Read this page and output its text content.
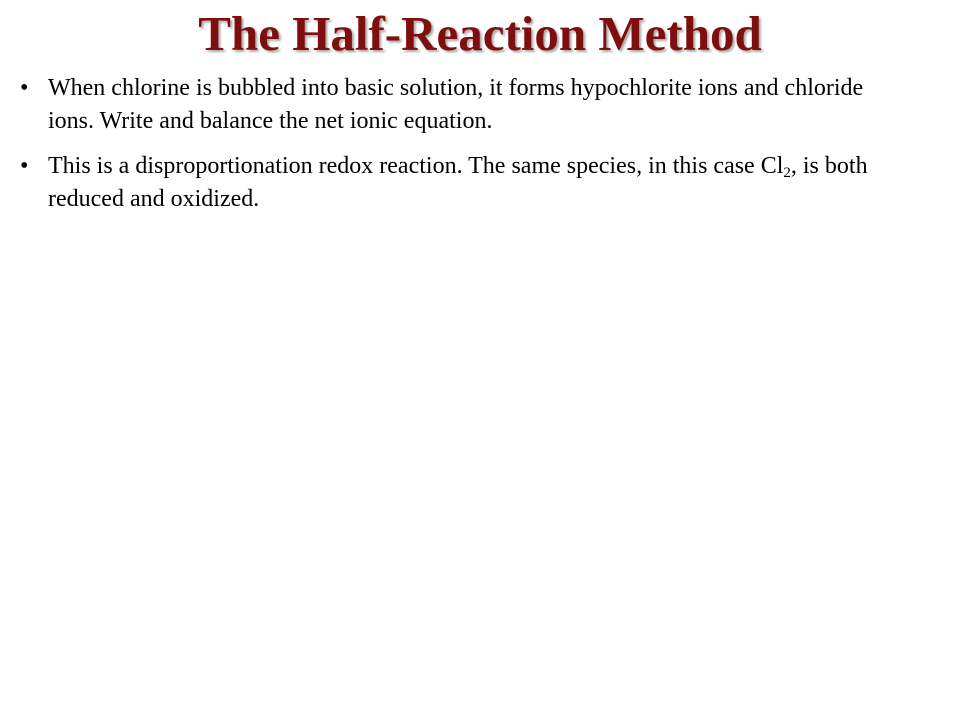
The Half-Reaction Method
• When chlorine is bubbled into basic solution, it forms hypochlorite ions and chloride ions. Write and balance the net ionic equation.
• This is a disproportionation redox reaction. The same species, in this case $Cl_2$, is both reduced and oxidized.
